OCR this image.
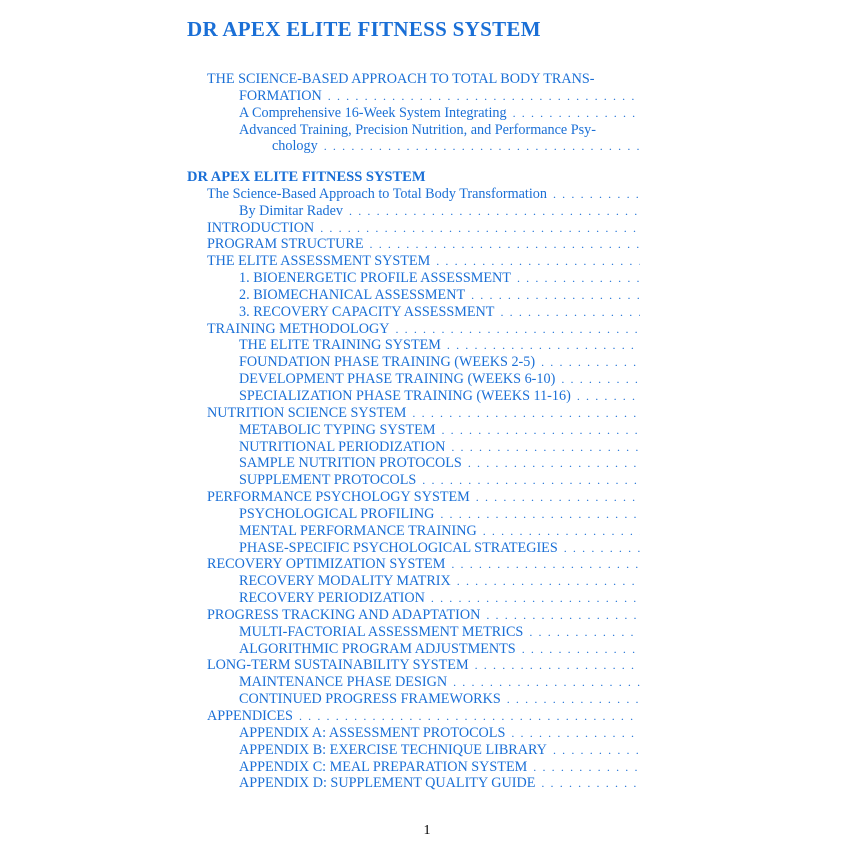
DR APEX ELITE FITNESS SYSTEM
THE SCIENCE-BASED APPROACH TO TOTAL BODY TRANS-
FORMATION
. . .
A Comprehensive 16-Week System Integrating
. . .
Advanced Training, Precision Nutrition, and Performance Psy-
chology
. . .
DR APEX ELITE FITNESS SYSTEM
The Science-Based Approach to Total Body Transformation
. . .
By Dimitar Radev
. . .
INTRODUCTION
. . .
PROGRAM STRUCTURE
. . .
THE ELITE ASSESSMENT SYSTEM
. . .
1. BIOENERGETIC PROFILE ASSESSMENT
. . .
2. BIOMECHANICAL ASSESSMENT
. . .
3. RECOVERY CAPACITY ASSESSMENT
. . .
TRAINING METHODOLOGY
. . .
THE ELITE TRAINING SYSTEM
. . .
FOUNDATION PHASE TRAINING (WEEKS 2-5)
. . .
DEVELOPMENT PHASE TRAINING (WEEKS 6-10)
. . .
SPECIALIZATION PHASE TRAINING (WEEKS 11-16)
. . .
NUTRITION SCIENCE SYSTEM
. . .
METABOLIC TYPING SYSTEM
. . .
NUTRITIONAL PERIODIZATION
. . .
SAMPLE NUTRITION PROTOCOLS
. . .
SUPPLEMENT PROTOCOLS
. . .
PERFORMANCE PSYCHOLOGY SYSTEM
. . .
PSYCHOLOGICAL PROFILING
. . .
MENTAL PERFORMANCE TRAINING
. . .
PHASE-SPECIFIC PSYCHOLOGICAL STRATEGIES
. . .
RECOVERY OPTIMIZATION SYSTEM
. . .
RECOVERY MODALITY MATRIX
. . .
RECOVERY PERIODIZATION
. . .
PROGRESS TRACKING AND ADAPTATION
. . .
MULTI-FACTORIAL ASSESSMENT METRICS
. . .
ALGORITHMIC PROGRAM ADJUSTMENTS
. . .
LONG-TERM SUSTAINABILITY SYSTEM
. . .
MAINTENANCE PHASE DESIGN
. . .
CONTINUED PROGRESS FRAMEWORKS
. . .
APPENDICES
. . .
APPENDIX A: ASSESSMENT PROTOCOLS
. . .
APPENDIX B: EXERCISE TECHNIQUE LIBRARY
. . .
APPENDIX C: MEAL PREPARATION SYSTEM
. . .
APPENDIX D: SUPPLEMENT QUALITY GUIDE
. . .
1
